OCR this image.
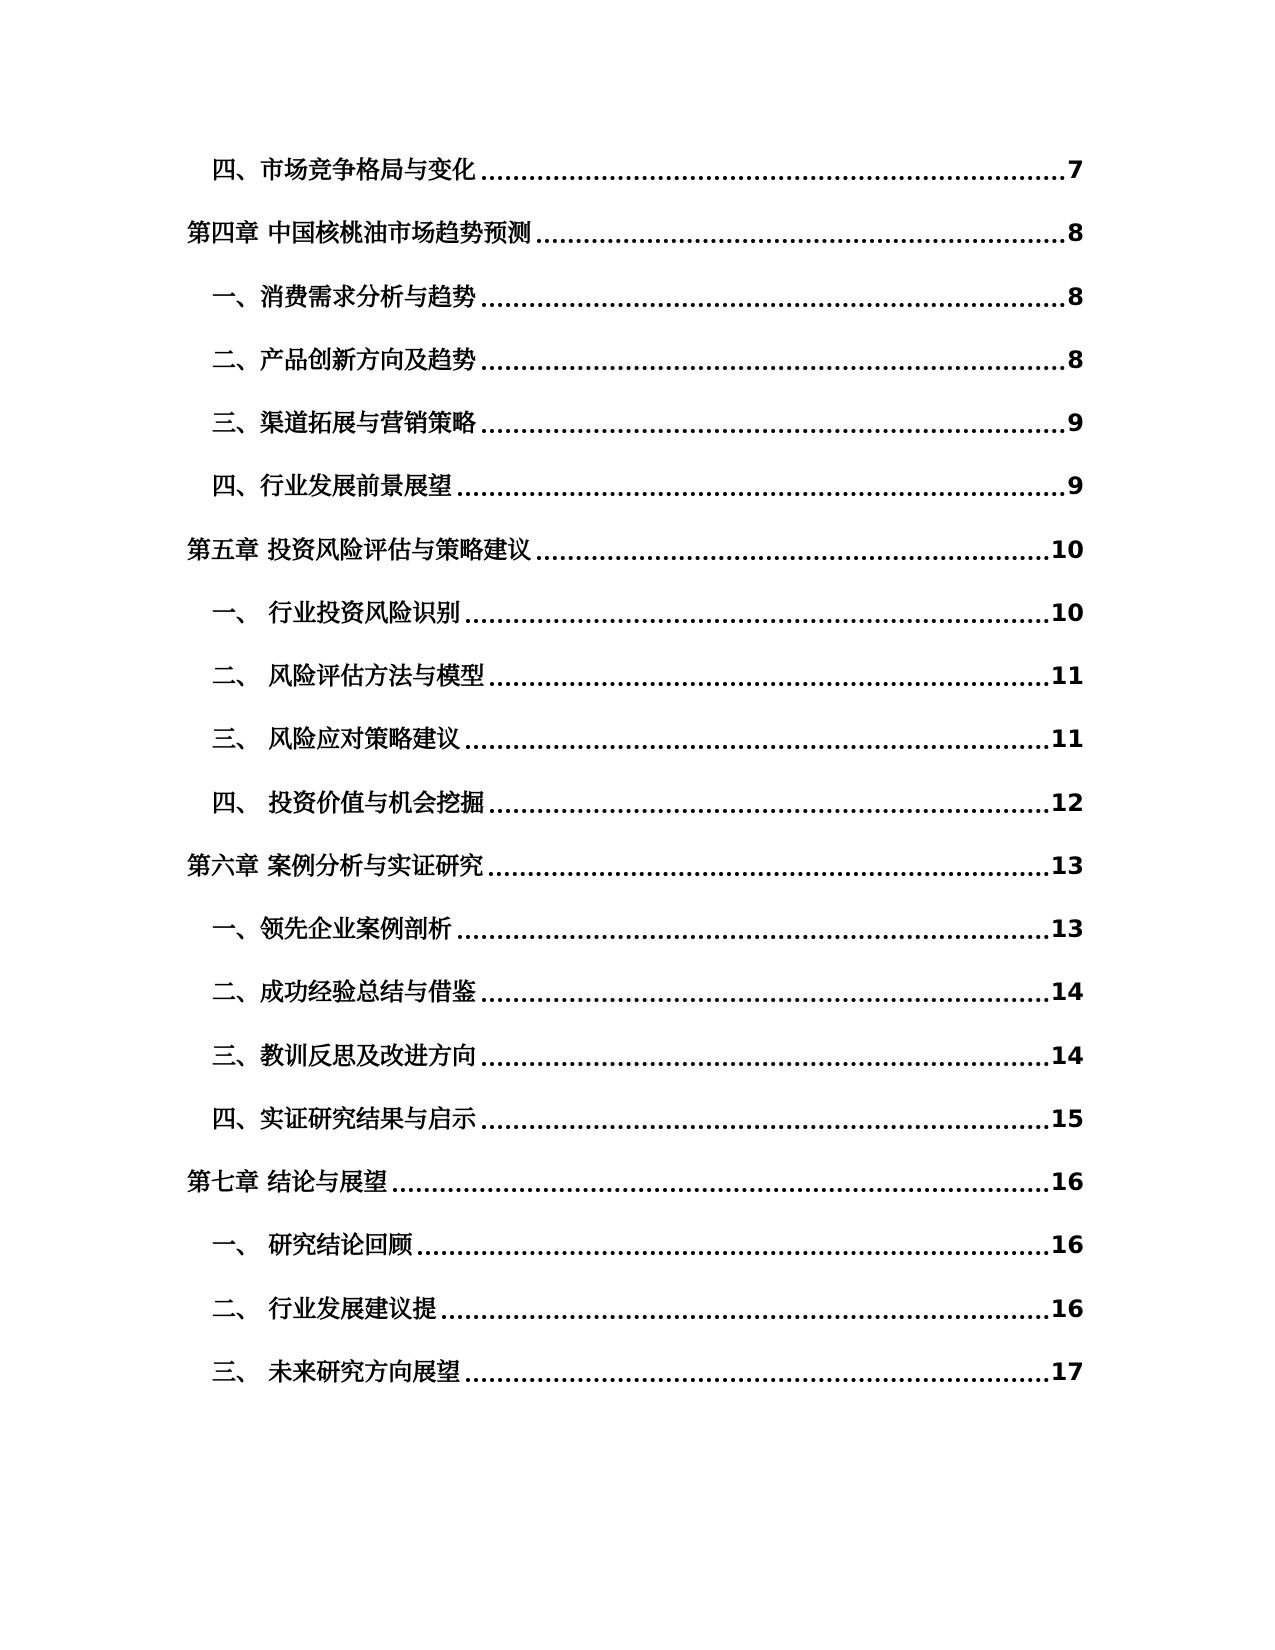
四、市场竞争格局与变化	7
第四章 中国核桃油市场趋势预测	8
一、消费需求分析与趋势	8
二、产品创新方向及趋势	8
三、渠道拓展与营销策略	9
四、行业发展前景展望	9
第五章 投资风险评估与策略建议	10
一、 行业投资风险识别	10
二、 风险评估方法与模型	11
三、 风险应对策略建议	11
四、 投资价值与机会挖掘	12
第六章 案例分析与实证研究	13
一、领先企业案例剖析	13
二、成功经验总结与借鉴	14
三、教训反思及改进方向	14
四、实证研究结果与启示	15
第七章 结论与展望	16
一、 研究结论回顾	16
二、 行业发展建议提	16
三、 未来研究方向展望	17
